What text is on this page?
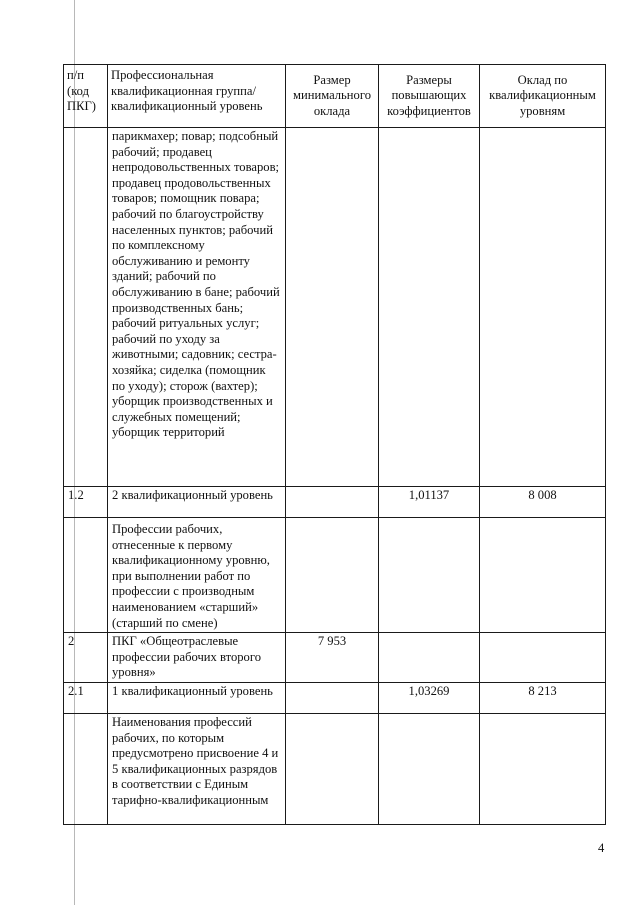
п/п (код ПКГ)	Профессиональная квалификационная группа/квалификационный уровень	Размер минимального оклада	Размеры повышающих коэффициентов	Оклад по квалификационным уровням
	парикмахер; повар; подсобный рабочий; продавец непродовольственных товаров; продавец продовольственных товаров; помощник повара; рабочий по благоустройству населенных пунктов; рабочий по комплексному обслуживанию и ремонту зданий; рабочий по обслуживанию в бане; рабочий производственных бань; рабочий ритуальных услуг; рабочий по уходу за животными; садовник; сестра-хозяйка; сиделка (помощник по уходу); сторож (вахтер); уборщик производственных и служебных помещений; уборщик территорий			
1.2	2 квалификационный уровень		1,01137	8 008
	Профессии рабочих, отнесенные к первому квалификационному уровню, при выполнении работ по профессии с производным наименованием «старший» (старший по смене)			
2	ПКГ «Общеотраслевые профессии рабочих второго уровня»	7 953		
2.1	1 квалификационный уровень		1,03269	8 213
	Наименования профессий рабочих, по которым предусмотрено присвоение 4 и 5 квалификационных разрядов в соответствии с Единым тарифно-квалификационным			
4
